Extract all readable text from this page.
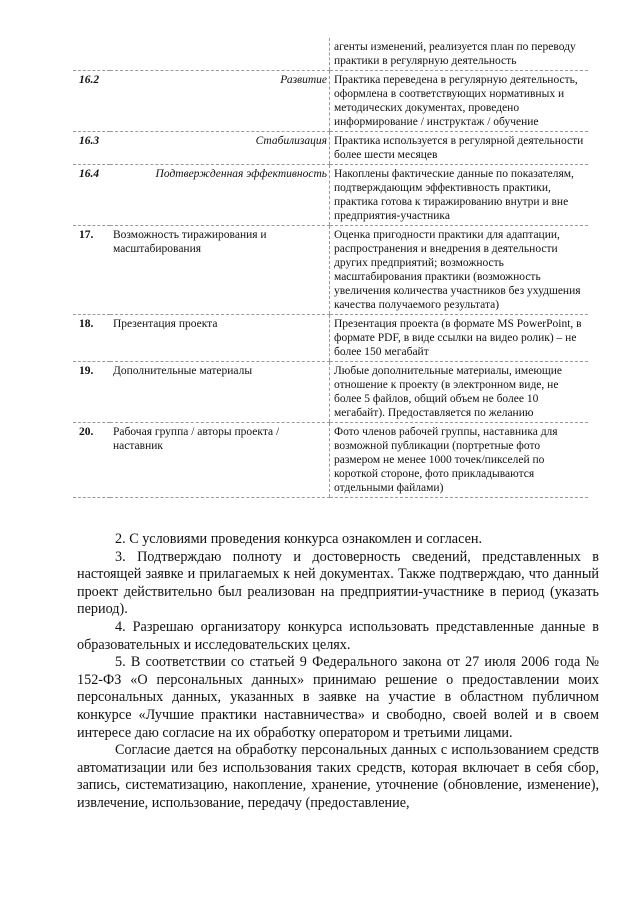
		агенты изменений, реализуется план по переводу практики в регулярную деятельность
16.2	Развитие	Практика переведена в регулярную деятельность, оформлена в соответствующих нормативных и методических документах, проведено информирование / инструктаж / обучение
16.3	Стабилизация	Практика используется в регулярной деятельности более шести месяцев
16.4	Подтвержденная эффективность	Накоплены фактические данные по показателям, подтверждающим эффективность практики, практика готова к тиражированию внутри и вне предприятия-участника
17.	Возможность тиражирования и масштабирования	Оценка пригодности практики для адаптации, распространения и внедрения в деятельности других предприятий; возможность масштабирования практики (возможность увеличения количества участников без ухудшения качества получаемого результата)
18.	Презентация проекта	Презентация проекта (в формате MS PowerPoint, в формате PDF, в виде ссылки на видео ролик) – не более 150 мегабайт
19.	Дополнительные материалы	Любые дополнительные материалы, имеющие отношение к проекту (в электронном виде, не более 5 файлов, общий объем не более 10 мегабайт). Предоставляется по желанию
20.	Рабочая группа / авторы проекта / наставник	Фото членов рабочей группы, наставника для возможной публикации (портретные фото размером не менее 1000 точек/пикселей по короткой стороне, фото прикладываются отдельными файлами)

2. С условиями проведения конкурса ознакомлен и согласен.

3. Подтверждаю полноту и достоверность сведений, представленных в настоящей заявке и прилагаемых к ней документах. Также подтверждаю, что данный проект действительно был реализован на предприятии-участнике в период (указать период).

4. Разрешаю организатору конкурса использовать представленные данные в образовательных и исследовательских целях.

5. В соответствии со статьей 9 Федерального закона от 27 июля 2006 года № 152-ФЗ «О персональных данных» принимаю решение о предоставлении моих персональных данных, указанных в заявке на участие в областном публичном конкурсе «Лучшие практики наставничества» и свободно, своей волей и в своем интересе даю согласие на их обработку оператором и третьими лицами.

Согласие дается на обработку персональных данных с использованием средств автоматизации или без использования таких средств, которая включает в себя сбор, запись, систематизацию, накопление, хранение, уточнение (обновление, изменение), извлечение, использование, передачу (предоставление,
